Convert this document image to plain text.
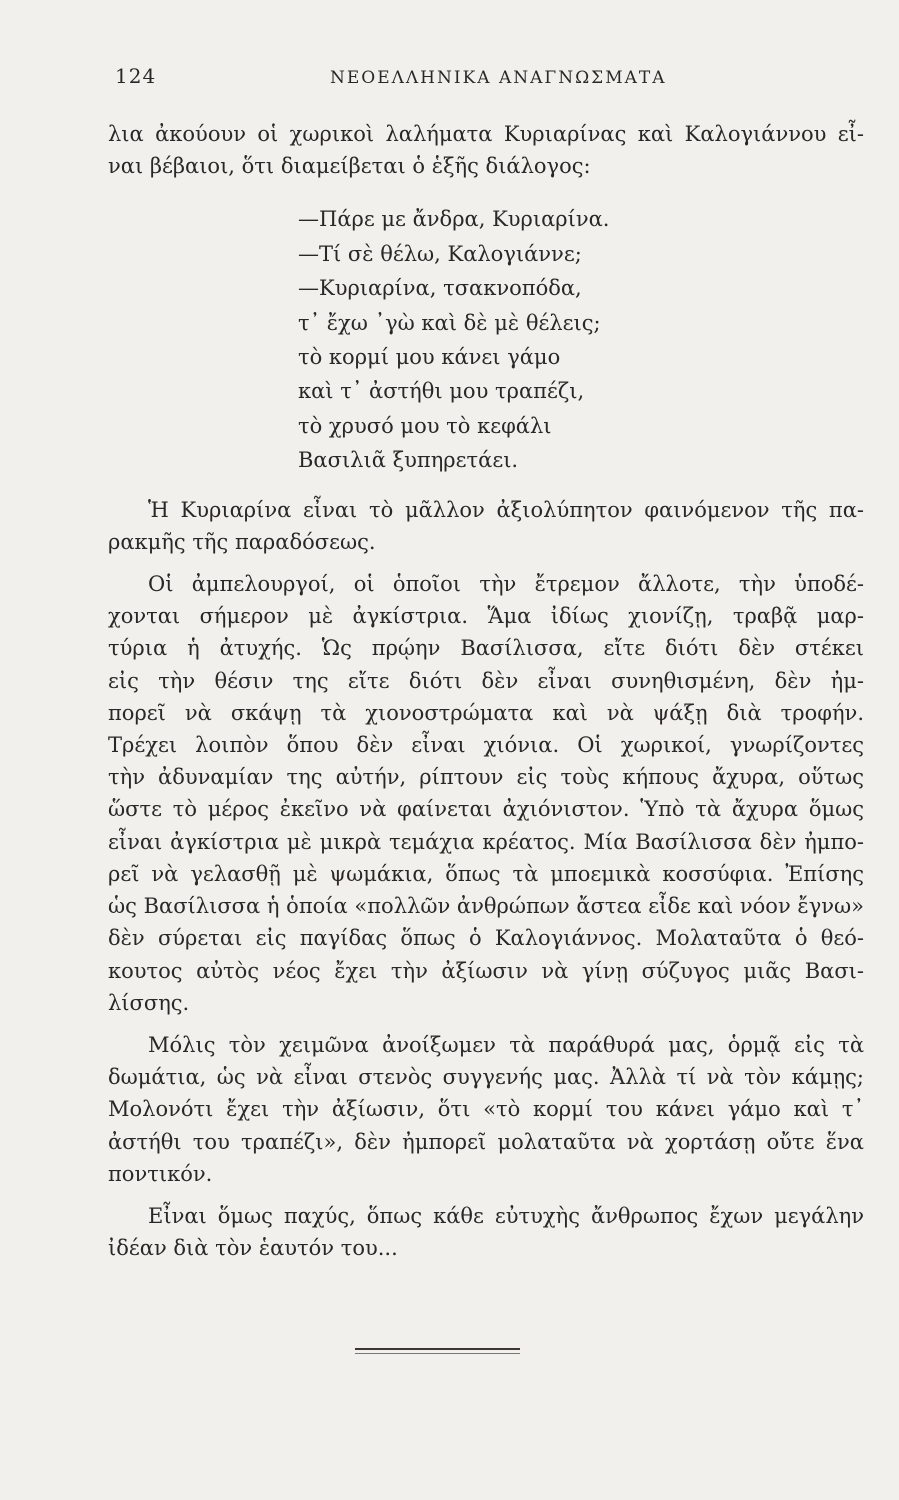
124	ΝΕΟΕΛΛΗΝΙΚΑ ΑΝΑΓΝΩΣΜΑΤΑ

λια ἀκούουν οἱ χωρικοὶ λαλήματα Κυριαρίνας καὶ Καλογιάννου εἶ-
ναι βέβαιοι, ὅτι διαμείβεται ὁ ἑξῆς διάλογος:

—Πάρε με ἄνδρα, Κυριαρίνα.
—Τί σὲ θέλω, Καλογιάννε;
—Κυριαρίνα, τσακνοπόδα,
τ᾿ ἔχω ᾿γὼ καὶ δὲ μὲ θέλεις;
τὸ κορμί μου κάνει γάμο
καὶ τ᾿ ἀστήθι μου τραπέζι,
τὸ χρυσό μου τὸ κεφάλι
Βασιλιᾶ ξυπηρετάει.

Ἡ Κυριαρίνα εἶναι τὸ μᾶλλον ἀξιολύπητον φαινόμενον τῆς πα-
ρακμῆς τῆς παραδόσεως.

Οἱ ἀμπελουργοί, οἱ ὁποῖοι τὴν ἔτρεμον ἄλλοτε, τὴν ὑποδέ-
χονται σήμερον μὲ ἀγκίστρια. Ἅμα ἰδίως χιονίζῃ, τραβᾷ μαρ-
τύρια ἡ ἀτυχής. Ὡς πρῴην Βασίλισσα, εἴτε διότι δὲν στέκει
εἰς τὴν θέσιν της εἴτε διότι δὲν εἶναι συνηθισμένη, δὲν ἠμ-
πορεῖ νὰ σκάψῃ τὰ χιονοστρώματα καὶ νὰ ψάξῃ διὰ τροφήν.
Τρέχει λοιπὸν ὅπου δὲν εἶναι χιόνια. Οἱ χωρικοί, γνωρίζοντες
τὴν ἀδυναμίαν της αὐτήν, ρίπτουν εἰς τοὺς κήπους ἄχυρα, οὕτως
ὥστε τὸ μέρος ἐκεῖνο νὰ φαίνεται ἀχιόνιστον. Ὑπὸ τὰ ἄχυρα ὅμως
εἶναι ἀγκίστρια μὲ μικρὰ τεμάχια κρέατος. Μία Βασίλισσα δὲν ἠμπο-
ρεῖ νὰ γελασθῇ μὲ ψωμάκια, ὅπως τὰ μποεμικὰ κοσσύφια. Ἐπίσης
ὡς Βασίλισσα ἡ ὁποία «πολλῶν ἀνθρώπων ἄστεα εἶδε καὶ νόον ἔγνω»
δὲν σύρεται εἰς παγίδας ὅπως ὁ Καλογιάννος. Μολαταῦτα ὁ θεό-
κουτος αὐτὸς νέος ἔχει τὴν ἀξίωσιν νὰ γίνῃ σύζυγος μιᾶς Βασι-
λίσσης.

Μόλις τὸν χειμῶνα ἀνοίξωμεν τὰ παράθυρά μας, ὁρμᾷ εἰς τὰ
δωμάτια, ὡς νὰ εἶναι στενὸς συγγενής μας. Ἀλλὰ τί νὰ τὸν κάμῃς;
Μολονότι ἔχει τὴν ἀξίωσιν, ὅτι «τὸ κορμί του κάνει γάμο καὶ τ᾿
ἀστήθι του τραπέζι», δὲν ἠμπορεῖ μολαταῦτα νὰ χορτάσῃ οὔτε ἕνα
ποντικόν.

Εἶναι ὅμως παχύς, ὅπως κάθε εὐτυχὴς ἄνθρωπος ἔχων μεγάλην
ἰδέαν διὰ τὸν ἑαυτόν του...
